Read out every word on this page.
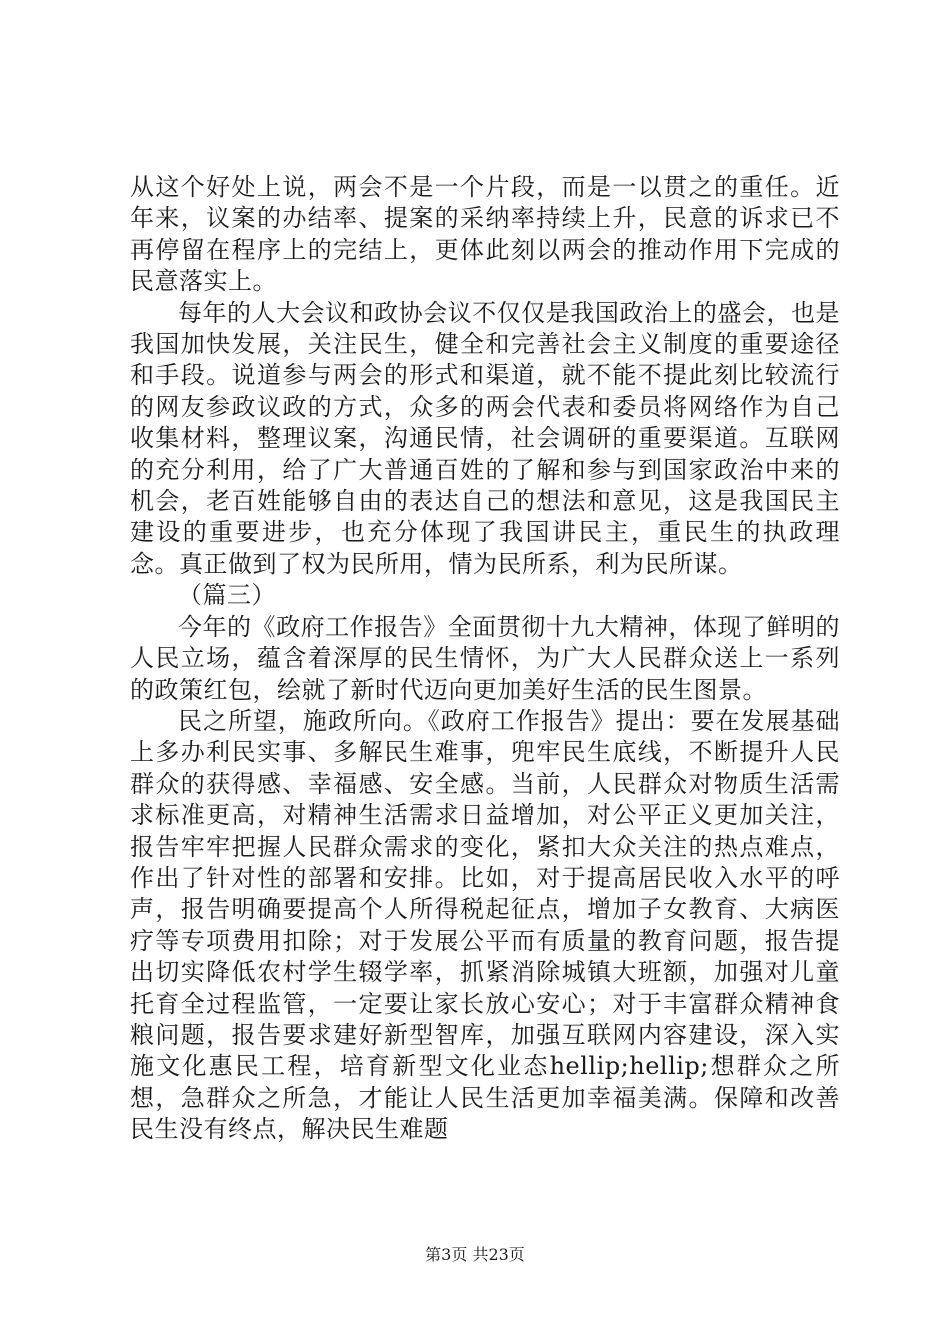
从这个好处上说，两会不是一个片段，而是一以贯之的重任。近年来，议案的办结率、提案的采纳率持续上升，民意的诉求已不再停留在程序上的完结上，更体此刻以两会的推动作用下完成的民意落实上。

每年的人大会议和政协会议不仅仅是我国政治上的盛会，也是我国加快发展，关注民生，健全和完善社会主义制度的重要途径和手段。说道参与两会的形式和渠道，就不能不提此刻比较流行的网友参政议政的方式，众多的两会代表和委员将网络作为自己收集材料，整理议案，沟通民情，社会调研的重要渠道。互联网的充分利用，给了广大普通百姓的了解和参与到国家政治中来的机会，老百姓能够自由的表达自己的想法和意见，这是我国民主建设的重要进步，也充分体现了我国讲民主，重民生的执政理念。真正做到了权为民所用，情为民所系，利为民所谋。

（篇三）

今年的《政府工作报告》全面贯彻十九大精神，体现了鲜明的人民立场，蕴含着深厚的民生情怀，为广大人民群众送上一系列的政策红包，绘就了新时代迈向更加美好生活的民生图景。

民之所望，施政所向。《政府工作报告》提出：要在发展基础上多办利民实事、多解民生难事，兜牢民生底线，不断提升人民群众的获得感、幸福感、安全感。当前，人民群众对物质生活需求标准更高，对精神生活需求日益增加，对公平正义更加关注，报告牢牢把握人民群众需求的变化，紧扣大众关注的热点难点，作出了针对性的部署和安排。比如，对于提高居民收入水平的呼声，报告明确要提高个人所得税起征点，增加子女教育、大病医疗等专项费用扣除；对于发展公平而有质量的教育问题，报告提出切实降低农村学生辍学率，抓紧消除城镇大班额，加强对儿童托育全过程监管，一定要让家长放心安心；对于丰富群众精神食粮问题，报告要求建好新型智库，加强互联网内容建设，深入实施文化惠民工程，培育新型文化业态hellip;hellip;想群众之所想，急群众之所急，才能让人民生活更加幸福美满。保障和改善民生没有终点，解决民生难题

第3页 共23页
